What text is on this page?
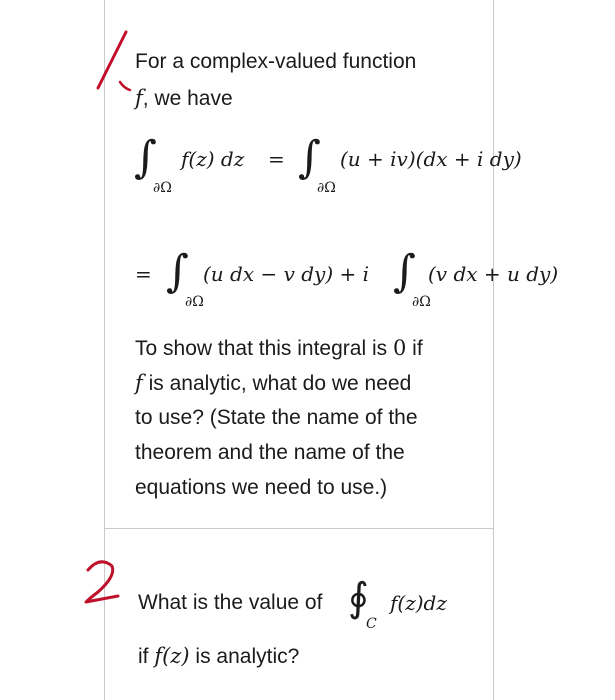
For a complex-valued function
f, we have
∫
∂Ω
f(z) dz = ∫
∂Ω
(u + iv)(dx + i dy)
= ∫
∂Ω
(u dx − v dy) + i ∫
∂Ω
(v dx + u dy)
To show that this integral is 0 if
f is analytic, what do we need
to use? (State the name of the
theorem and the name of the
equations we need to use.)
What is the value of ∮
C
f(z)dz
if f(z) is analytic?
